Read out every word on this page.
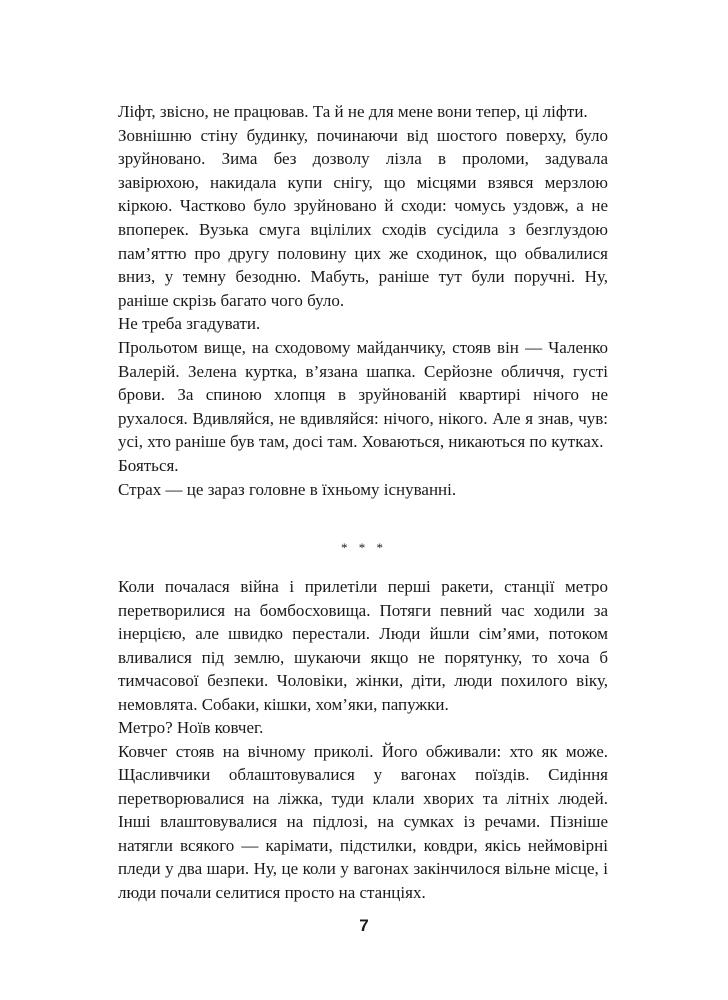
Ліфт, звісно, не працював. Та й не для мене вони тепер, ці ліфти.

Зовнішню стіну будинку, починаючи від шостого поверху, було зруйновано. Зима без дозволу лізла в проломи, задувала завірюхою, накидала купи снігу, що місцями взявся мерзлою кіркою. Частково було зруйновано й сходи: чомусь уздовж, а не впоперек. Вузька смуга вцілілих сходів сусідила з безглуздою пам’яттю про другу половину цих же сходинок, що обвалилися вниз, у темну безодню. Мабуть, раніше тут були поручні. Ну, раніше скрізь багато чого було.

Не треба згадувати.

Прольотом вище, на сходовому майданчику, стояв він — Чаленко Валерій. Зелена куртка, в’язана шапка. Серйозне обличчя, густі брови. За спиною хлопця в зруйнованій квартирі нічого не рухалося. Вдивляйся, не вдивляйся: нічого, нікого. Але я знав, чув: усі, хто раніше був там, досі там. Ховаються, никаються по кутках.

Бояться.

Страх — це зараз головне в їхньому існуванні.

* * *

Коли почалася війна і прилетіли перші ракети, станції метро перетворилися на бомбосховища. Потяги певний час ходили за інерцією, але швидко перестали. Люди йшли сім’ями, потоком вливалися під землю, шукаючи якщо не порятунку, то хоча б тимчасової безпеки. Чоловіки, жінки, діти, люди похилого віку, немовлята. Собаки, кішки, хом’яки, папужки.

Метро? Ноїв ковчег.

Ковчег стояв на вічному приколі. Його обживали: хто як може. Щасливчики облаштовувалися у вагонах поїздів. Сидіння перетворювалися на ліжка, туди клали хворих та літніх людей. Інші влаштовувалися на підлозі, на сумках із речами. Пізніше натягли всякого — карімати, підстилки, ковдри, якісь неймовірні пледи у два шари. Ну, це коли у вагонах закінчилося вільне місце, і люди почали селитися просто на станціях.

7
